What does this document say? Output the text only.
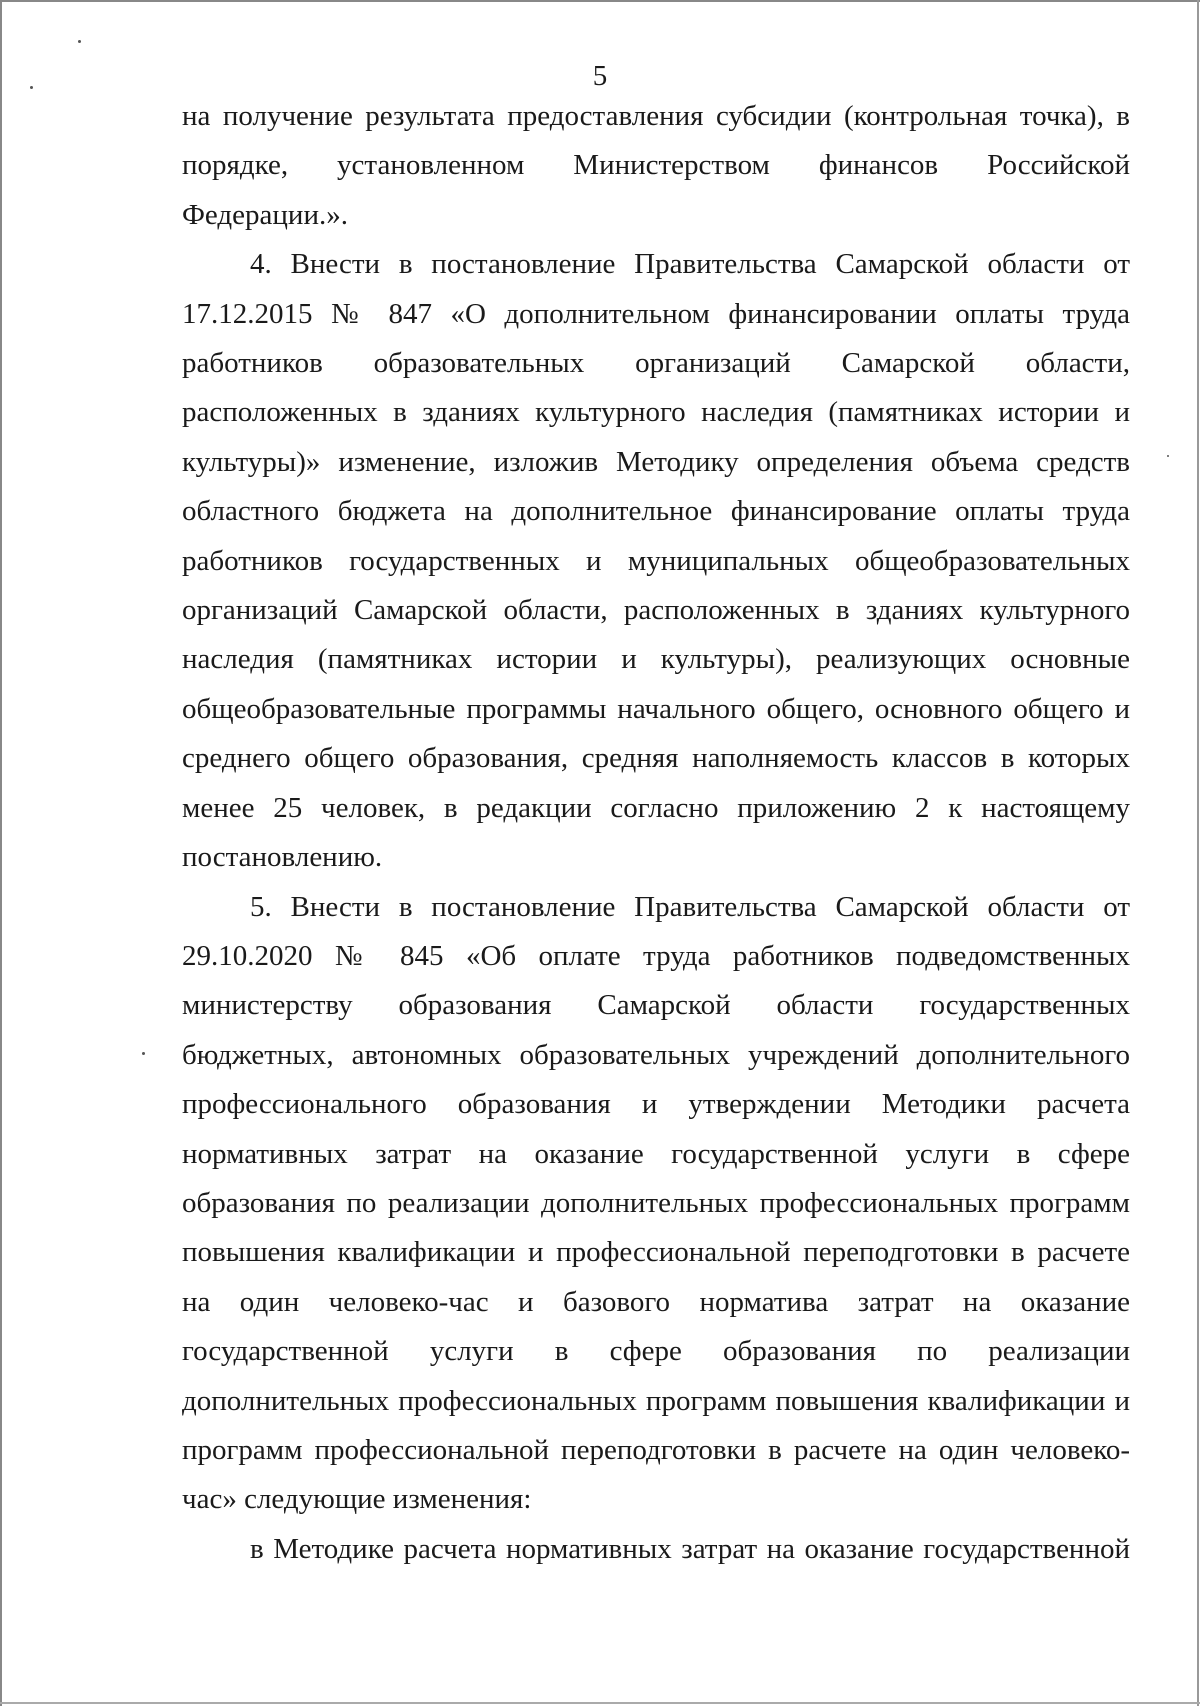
5

на получение результата предоставления субсидии (контрольная точка), в порядке, установленном Министерством финансов Российской Федерации.».

4. Внести в постановление Правительства Самарской области от 17.12.2015 № 847 «О дополнительном финансировании оплаты труда работников образовательных организаций Самарской области, расположенных в зданиях культурного наследия (памятниках истории и культуры)» изменение, изложив Методику определения объема средств областного бюджета на дополнительное финансирование оплаты труда работников государственных и муниципальных общеобразовательных организаций Самарской области, расположенных в зданиях культурного наследия (памятниках истории и культуры), реализующих основные общеобразовательные программы начального общего, основного общего и среднего общего образования, средняя наполняемость классов в которых менее 25 человек, в редакции согласно приложению 2 к настоящему постановлению.

5. Внести в постановление Правительства Самарской области от 29.10.2020 № 845 «Об оплате труда работников подведомственных министерству образования Самарской области государственных бюджетных, автономных образовательных учреждений дополнительного профессионального образования и утверждении Методики расчета нормативных затрат на оказание государственной услуги в сфере образования по реализации дополнительных профессиональных программ повышения квалификации и профессиональной переподготовки в расчете на один человеко-час и базового норматива затрат на оказание государственной услуги в сфере образования по реализации дополнительных профессиональных программ повышения квалификации и программ профессиональной переподготовки в расчете на один человеко-час» следующие изменения:

в Методике расчета нормативных затрат на оказание государственной
